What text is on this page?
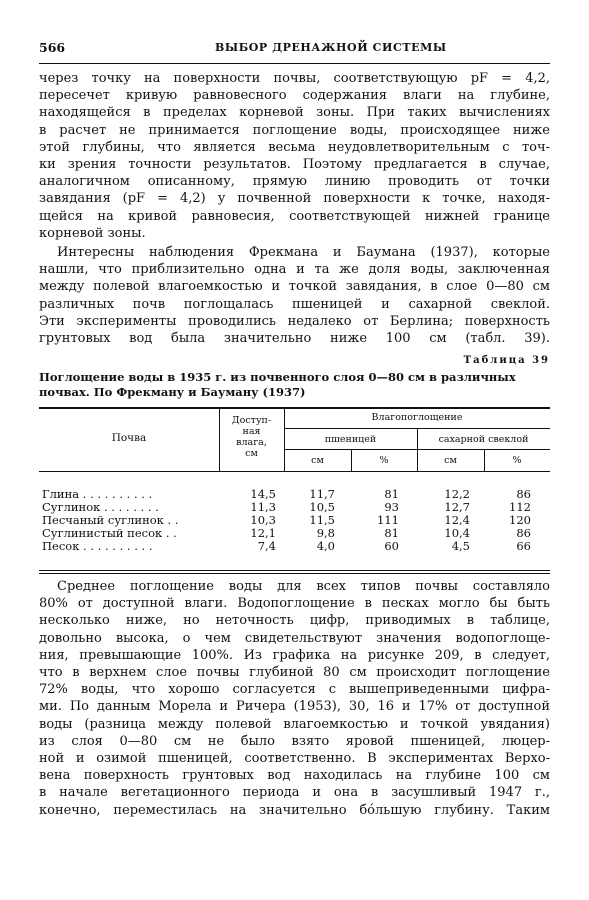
566	ВЫБОР ДРЕНАЖНОЙ СИСТЕМЫ
через точку на поверхности почвы, соответствующую pF = 4,2,
пересечет кривую равновесного содержания влаги на глубине,
находящейся в пределах корневой зоны. При таких вычислениях
в расчет не принимается поглощение воды, происходящее ниже
этой глубины, что является весьма неудовлетворительным с точ-
ки зрения точности результатов. Поэтому предлагается в случае,
аналогичном описанному, прямую линию проводить от точки
завядания (pF = 4,2) у почвенной поверхности к точке, находя-
щейся на кривой равновесия, соответствующей нижней границе
корневой зоны.
Интересны наблюдения Фрекмана и Баумана (1937), которые
нашли, что приблизительно одна и та же доля воды, заключенная
между полевой влагоемкостью и точкой завядания, в слое 0—80 см
различных почв поглощалась пшеницей и сахарной свеклой.
Эти эксперименты проводились недалеко от Берлина; поверхность
грунтовых вод была значительно ниже 100 см (табл. 39).
Таблица 39
Поглощение воды в 1935 г. из почвенного слоя 0—80 см в различных
почвах. По Фрекману и Бауману (1937)
Почва
Доступ-
ная
влага,
см
Влагопоглощение
пшеницей	сахарной свеклой
см	%	см	%
Глина . . . . . . . . . .	14,5	11,7	81	12,2	86
Суглинок . . . . . . . .	11,3	10,5	93	12,7	112
Песчаный суглинок . .	10,3	11,5	111	12,4	120
Суглинистый песок . .	12,1	9,8	81	10,4	86
Песок . . . . . . . . . .	7,4	4,0	60	4,5	66
Среднее поглощение воды для всех типов почвы составляло
80% от доступной влаги. Водопоглощение в песках могло бы быть
несколько ниже, но неточность цифр, приводимых в таблице,
довольно высока, о чем свидетельствуют значения водопоглоще-
ния, превышающие 100%. Из графика на рисунке 209, в следует,
что в верхнем слое почвы глубиной 80 см происходит поглощение
72% воды, что хорошо согласуется с вышеприведенными цифра-
ми. По данным Морела и Ричера (1953), 30, 16 и 17% от доступной
воды (разница между полевой влагоемкостью и точкой увядания)
из слоя 0—80 см не было взято яровой пшеницей, люцер-
ной и озимой пшеницей, соответственно. В экспериментах Верхо-
вена поверхность грунтовых вод находилась на глубине 100 см
в начале вегетационного периода и она в засушливый 1947 г.,
конечно, переместилась на значительно бóльшую глубину. Таким
